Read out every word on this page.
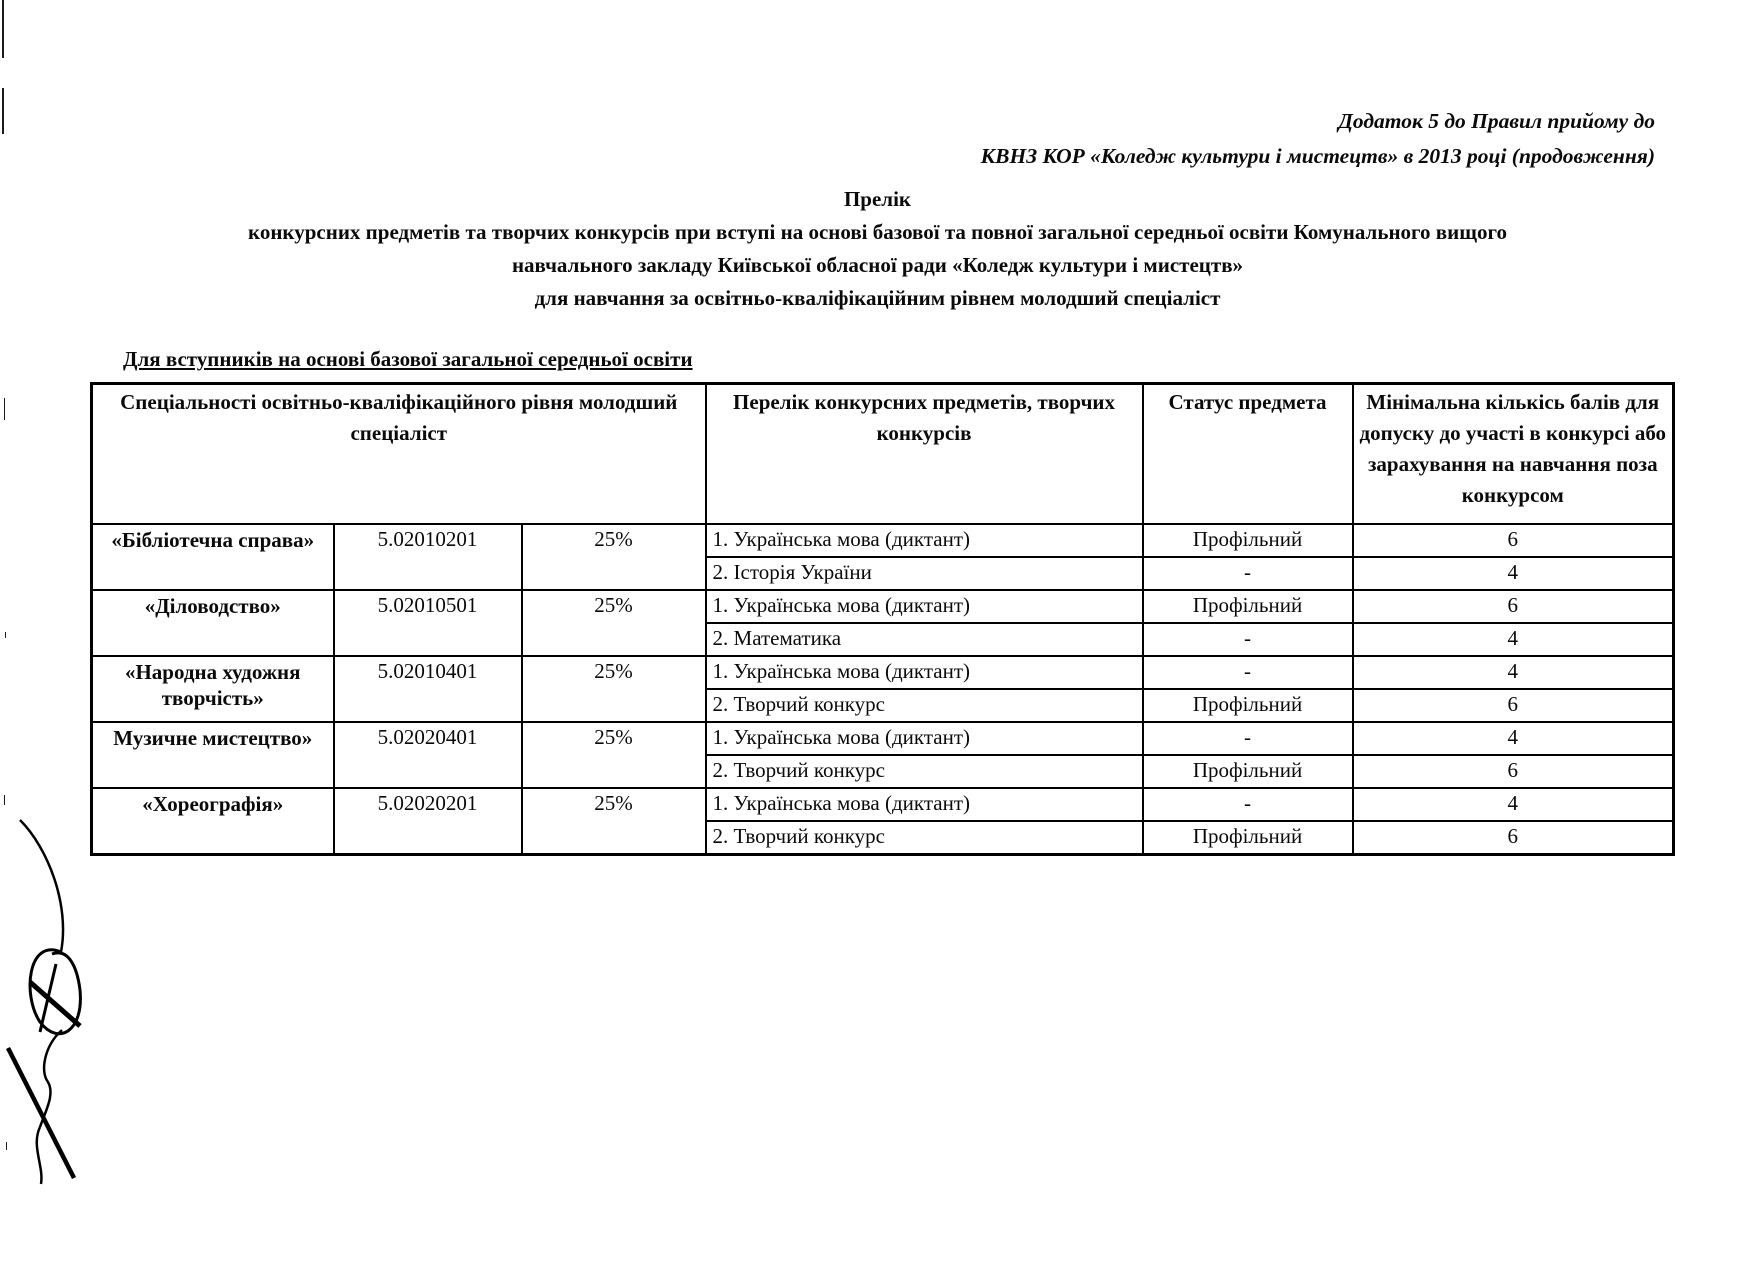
Додаток 5 до Правил прийому до
КВНЗ КОР «Коледж культури і мистецтв» в 2013 році (продовження)
Прелік
конкурсних предметів та творчих конкурсів при вступі на основі базової та повної загальної середньої освіти Комунального вищого
навчального закладу Київської обласної ради «Коледж культури і мистецтв»
для навчання за освітньо-кваліфікаційним рівнем молодший спеціаліст
Для вступників на основі базової загальної середньої освіти
Спеціальності освітньо-кваліфікаційного рівня молодший спеціаліст			Перелік конкурсних предметів, творчих конкурсів	Статус предмета	Мінімальна кількісь балів для допуску до участі в конкурсі або зарахування на навчання поза конкурсом
«Бібліотечна справа»	5.02010201	25%	1. Українська мова (диктант)	Профільний	6
			2. Історія України	-	4
«Діловодство»	5.02010501	25%	1. Українська мова (диктант)	Профільний	6
			2. Математика	-	4
«Народна художня творчість»	5.02010401	25%	1. Українська мова (диктант)	-	4
			2. Творчий конкурс	Профільний	6
Музичне мистецтво»	5.02020401	25%	1. Українська мова (диктант)	-	4
			2. Творчий конкурс	Профільний	6
«Хореографія»	5.02020201	25%	1. Українська мова (диктант)	-	4
			2. Творчий конкурс	Профільний	6
